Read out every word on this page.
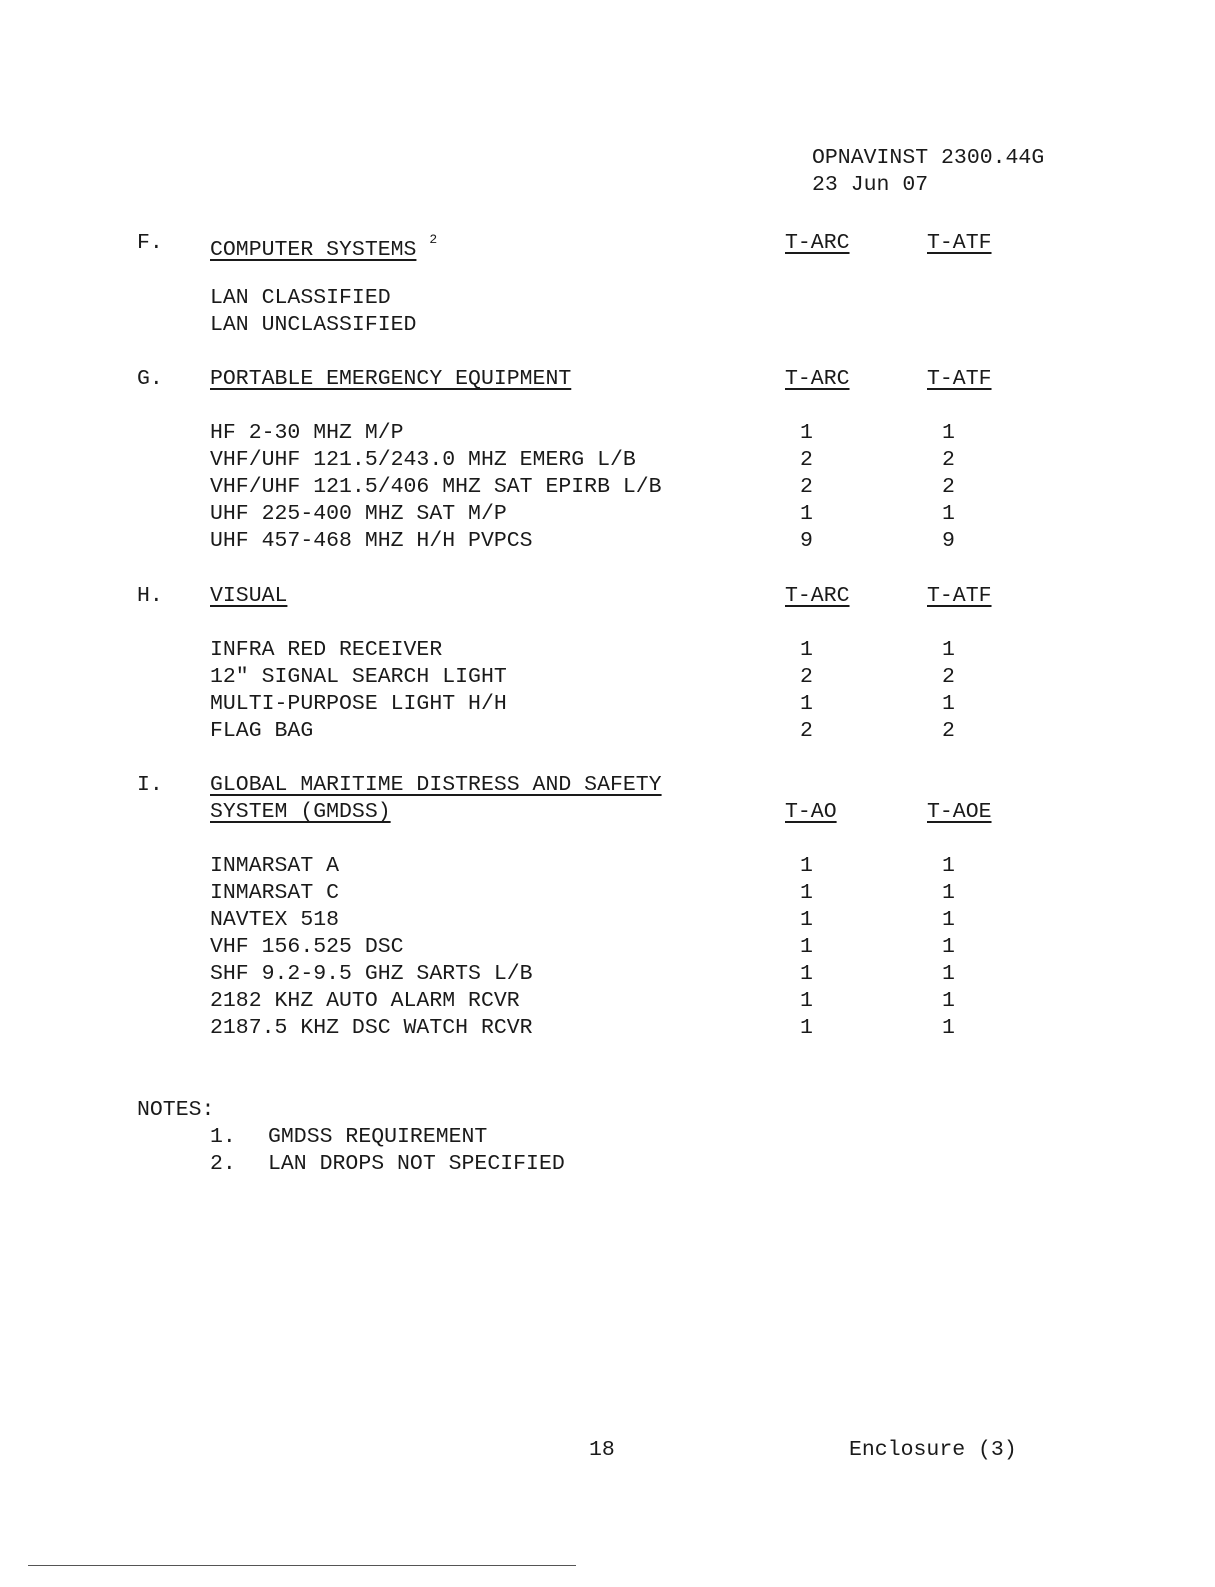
OPNAVINST 2300.44G
23 Jun 07
F. COMPUTER SYSTEMS $^2$	T-ARC	T-ATF
LAN CLASSIFIED
LAN UNCLASSIFIED
G. PORTABLE EMERGENCY EQUIPMENT	T-ARC	T-ATF
HF 2-30 MHZ M/P	1	1
VHF/UHF 121.5/243.0 MHZ EMERG L/B	2	2
VHF/UHF 121.5/406 MHZ SAT EPIRB L/B	2	2
UHF 225-400 MHZ SAT M/P	1	1
UHF 457-468 MHZ H/H PVPCS	9	9
H. VISUAL	T-ARC	T-ATF
INFRA RED RECEIVER	1	1
12" SIGNAL SEARCH LIGHT	2	2
MULTI-PURPOSE LIGHT H/H	1	1
FLAG BAG	2	2
I. GLOBAL MARITIME DISTRESS AND SAFETY
SYSTEM (GMDSS)	T-AO	T-AOE
INMARSAT A	1	1
INMARSAT C	1	1
NAVTEX 518	1	1
VHF 156.525 DSC	1	1
SHF 9.2-9.5 GHZ SARTS L/B	1	1
2182 KHZ AUTO ALARM RCVR	1	1
2187.5 KHZ DSC WATCH RCVR	1	1
NOTES:
1. GMDSS REQUIREMENT
2. LAN DROPS NOT SPECIFIED
18	Enclosure (3)
